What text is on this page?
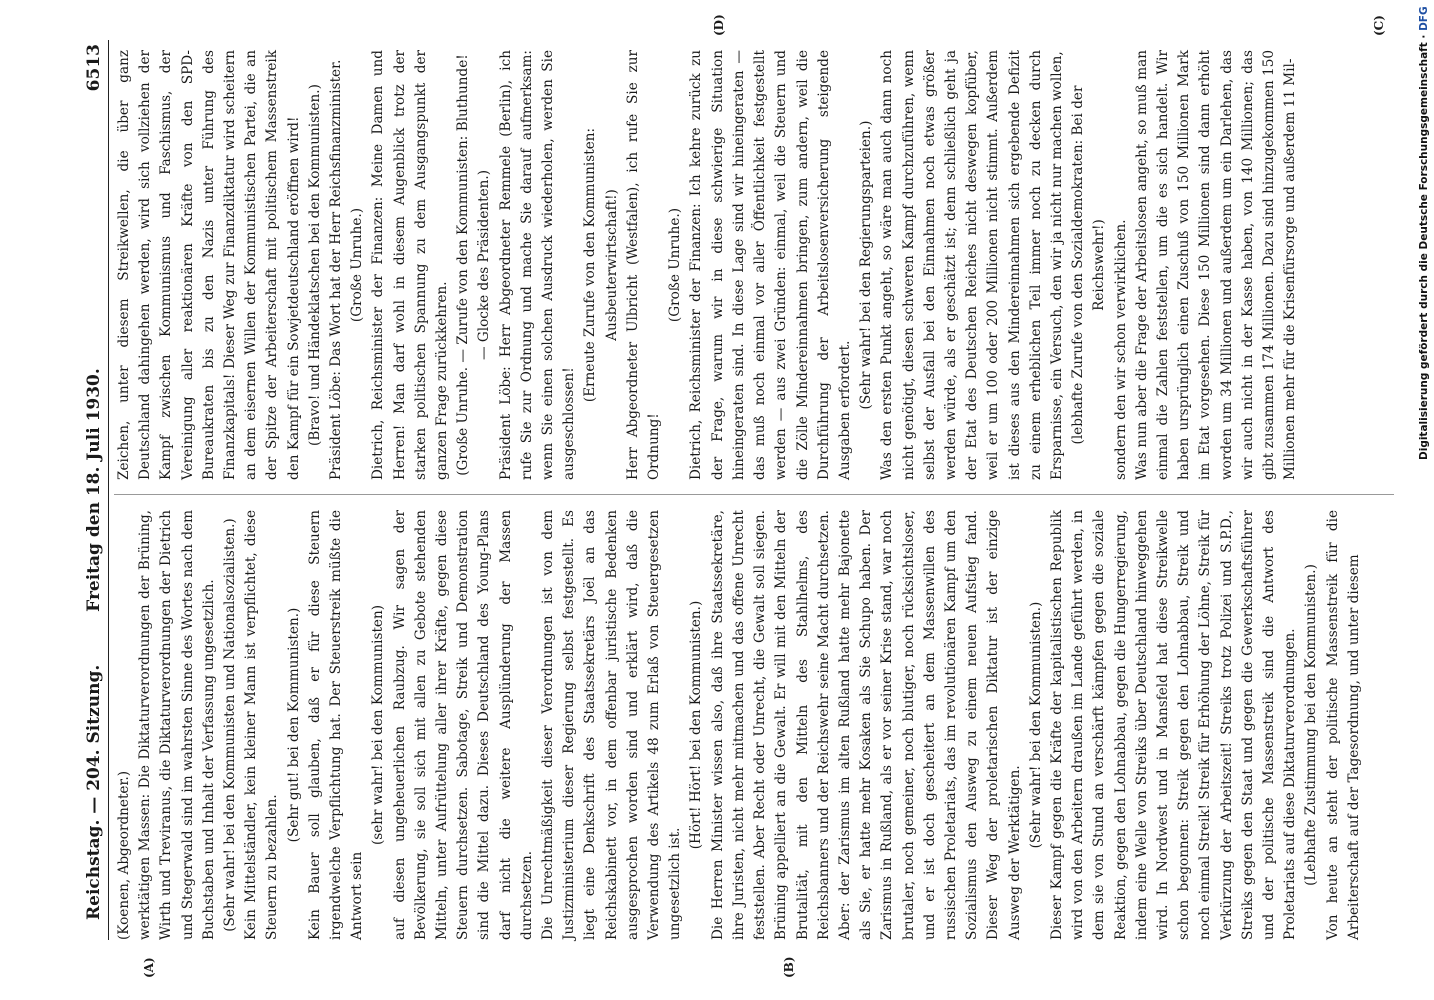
Reichstag. — 204. Sitzung.
Freitag den 18. Juli 1930.
6513

(Koenen, Abgeordneter.) werktätigen Massen: Die Diktaturverordnungen der Brüning, Wirth und Treviranus, die Diktaturverordnungen der Dietrich und Stegerwald sind im wahrsten Sinne des Wortes nach dem Buchstaben und Inhalt der Verfassung ungesetzlich. (Sehr wahr! bei den Kommunisten und Nationalsozialisten.) Kein Mittelständler, kein kleiner Mann ist verpflichtet, diese Steuern zu bezahlen.

(Sehr gut! bei den Kommunisten.) Kein Bauer soll glauben, daß er für diese Steuern irgendwelche Verpflichtung hat. Der Steuerstreik müßte die Antwort sein

(sehr wahr! bei den Kommunisten) auf diesen ungeheuerlichen Raubzug. Wir sagen der Bevölkerung, sie soll sich mit allen zu Gebote stehenden Mitteln, unter Aufrüttelung aller ihrer Kräfte, gegen diese Steuern durchsetzen. Sabotage, Streik und Demonstration sind die Mittel dazu. Dieses Deutschland des Young-Plans darf nicht die weitere Ausplünderung der Massen durchsetzen. Die Unrechtmäßigkeit dieser Verordnungen ist von dem Justizministerium dieser Regierung selbst festgestellt. Es liegt eine Denkschrift des Staatssekretärs Joël an das Reichskabinett vor, in dem offenbar juristische Bedenken ausgesprochen worden sind und erklärt wird, daß die Verwendung des Artikels 48 zum Erlaß von Steuergesetzen ungesetzlich ist.

(Hört! Hört! bei den Kommunisten.) Die Herren Minister wissen also, daß ihre Staatssekretäre, ihre Juristen, nicht mehr mitmachen und das offene Unrecht feststellen. Aber Recht oder Unrecht, die Gewalt soll siegen. Brüning appelliert an die Gewalt. Er will mit den Mitteln der Brutalität, mit den Mitteln des Stahlhelms, des Reichsbanners und der Reichswehr seine Macht durchsetzen. Aber: der Zarismus im alten Rußland hatte mehr Bajonette als Sie, er hatte mehr Kosaken als Sie Schupo haben. Der Zarismus in Rußland, als er vor seiner Krise stand, war noch brutaler, noch gemeiner, noch blutiger, noch rücksichtsloser, und er ist doch gescheitert an dem Massenwillen des russischen Proletariats, das im revolutionären Kampf um den Sozialismus den Ausweg zu einem neuen Aufstieg fand. Dieser Weg der proletarischen Diktatur ist der einzige Ausweg der Werktätigen.

(Sehr wahr! bei den Kommunisten.) Dieser Kampf gegen die Kräfte der kapitalistischen Republik wird von den Arbeitern draußen im Lande geführt werden, in dem sie von Stund an verschärft kämpfen gegen die soziale Reaktion, gegen den Lohnabbau, gegen die Hungerregierung, indem eine Welle von Streiks über Deutschland hinweggehen wird. In Nordwest und in Mansfeld hat diese Streikwelle schon begonnen: Streik gegen den Lohnabbau, Streik und noch einmal Streik! Streik für Erhöhung der Löhne, Streik für Verkürzung der Arbeitszeit! Streiks trotz Polizei und S.P.D., Streiks gegen den Staat und gegen die Gewerkschaftsführer und der politische Massenstreik sind die Antwort des Proletariats auf diese Diktaturverordnungen. (Lebhafte Zustimmung bei den Kommunisten.) Von heute an steht der politische Massenstreik für die Arbeiterschaft auf der Tagesordnung, und unter diesem

Zeichen, unter diesem Streikwellen, die über ganz Deutschland dahingehen werden, wird sich vollziehen der Kampf zwischen Kommunismus und Faschismus, der Vereinigung aller reaktionären Kräfte von den SPD-Bureaukraten bis zu den Nazis unter Führung des Finanzkapitals! Dieser Weg zur Finanzdiktatur wird scheitern an dem eisernen Willen der Kommunistischen Partei, die an der Spitze der Arbeiterschaft mit politischem Massenstreik den Kampf für ein Sowjetdeutschland eröffnen wird! (Bravo! und Händeklatschen bei den Kommunisten.) Präsident Löbe: Das Wort hat der Herr Reichsfinanzminister. (Große Unruhe.) Dietrich, Reichsminister der Finanzen: Meine Damen und Herren! Man darf wohl in diesem Augenblick trotz der starken politischen Spannung zu dem Ausgangspunkt der ganzen Frage zurückkehren. (Große Unruhe. — Zurufe von den Kommunisten: Bluthunde! — Glocke des Präsidenten.) Präsident Löbe: Herr Abgeordneter Remmele (Berlin), ich rufe Sie zur Ordnung und mache Sie darauf aufmerksam: wenn Sie einen solchen Ausdruck wiederholen, werden Sie ausgeschlossen!

(Erneute Zurufe von den Kommunisten: Ausbeuterwirtschaft!) Herr Abgeordneter Ulbricht (Westfalen), ich rufe Sie zur Ordnung!

(Große Unruhe.) Dietrich, Reichsminister der Finanzen: Ich kehre zurück zu der Frage, warum wir in diese schwierige Situation hineingeraten sind. In diese Lage sind wir hineingeraten — das muß noch einmal vor aller Öffentlichkeit festgestellt werden — aus zwei Gründen: einmal, weil die Steuern und die Zölle Mindereinnahmen bringen, zum andern, weil die Durchführung der Arbeitslosenversicherung steigende Ausgaben erfordert.

(Sehr wahr! bei den Regierungsparteien.) Was den ersten Punkt angeht, so wäre man auch dann noch nicht genötigt, diesen schweren Kampf durchzuführen, wenn selbst der Ausfall bei den Einnahmen noch etwas größer werden würde, als er geschätzt ist; denn schließlich geht ja der Etat des Deutschen Reiches nicht deswegen kopfüber, weil er um 100 oder 200 Millionen nicht stimmt. Außerdem ist dieses aus den Mindereinnahmen sich ergebende Defizit zu einem erheblichen Teil immer noch zu decken durch Ersparnisse, ein Versuch, den wir ja nicht nur machen wollen, (lebhafte Zurufe von den Sozialdemokraten: Bei der Reichswehr!) sondern den wir schon verwirklichen. Was nun aber die Frage der Arbeitslosen angeht, so muß man einmal die Zahlen feststellen, um die es sich handelt. Wir haben ursprünglich einen Zuschuß von 150 Millionen Mark im Etat vorgesehen. Diese 150 Millionen sind dann erhöht worden um 34 Millionen und außerdem um ein Darlehen, das wir auch nicht in der Kasse haben, von 140 Millionen; das gibt zusammen 174 Millionen. Dazu sind hinzugekommen 150 Millionen mehr für die Krisenfürsorge und außerdem 11 Mil-

(A)	(B)
(C)
(D)
Digitalisierung gefördert durch die Deutsche Forschungsgemeinschaft · DFG
